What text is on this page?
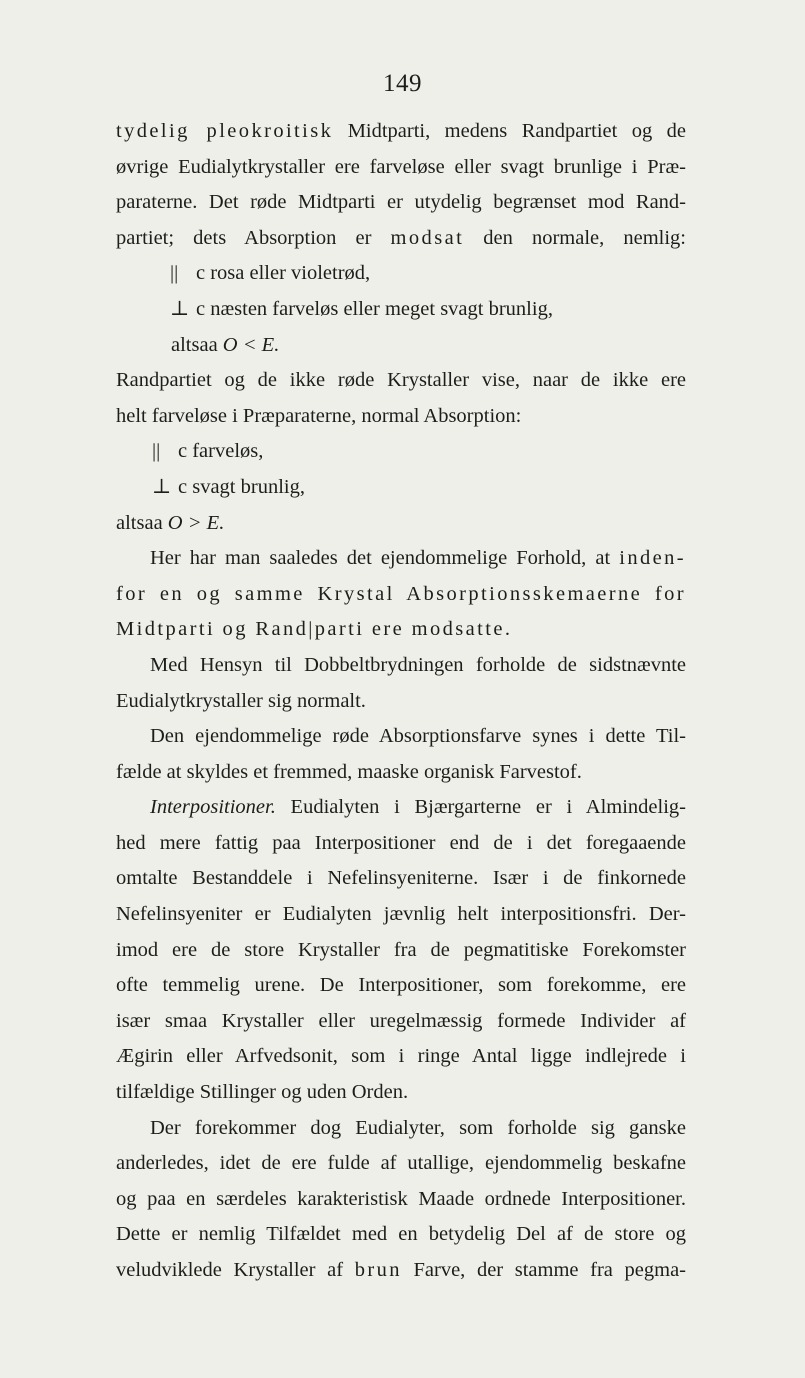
149
tydelig pleokroitisk Midtparti, medens Randpartiet og de
øvrige Eudialytkrystaller ere farveløse eller svagt brunlige i Præ-
paraterne. Det røde Midtparti er utydelig begrænset mod Rand-
partiet; dets Absorption er modsat den normale, nemlig:
|| c rosa eller violetrød,
⊥ c næsten farveløs eller meget svagt brunlig,
altsaa O < E.
Randpartiet og de ikke røde Krystaller vise, naar de ikke ere
helt farveløse i Præparaterne, normal Absorption:
|| c farveløs,
⊥ c svagt brunlig,
altsaa O > E.
Her har man saaledes det ejendommelige Forhold, at inden-
for en og samme Krystal Absorptionsskemaerne for
Midtparti og Rand|parti ere modsatte.
Med Hensyn til Dobbeltbrydningen forholde de sidstnævnte
Eudialytkrystaller sig normalt.
Den ejendommelige røde Absorptionsfarve synes i dette Til-
fælde at skyldes et fremmed, maaske organisk Farvestof.
Interpositioner. Eudialyten i Bjærgarterne er i Almindelig-
hed mere fattig paa Interpositioner end de i det foregaaende
omtalte Bestanddele i Nefelinsyeniterne. Især i de finkornede
Nefelinsyeniter er Eudialyten jævnlig helt interpositionsfri. Der-
imod ere de store Krystaller fra de pegmatitiske Forekomster
ofte temmelig urene. De Interpositioner, som forekomme, ere
især smaa Krystaller eller uregelmæssig formede Individer af
Ægirin eller Arfvedsonit, som i ringe Antal ligge indlejrede i
tilfældige Stillinger og uden Orden.
Der forekommer dog Eudialyter, som forholde sig ganske
anderledes, idet de ere fulde af utallige, ejendommelig beskafne
og paa en særdeles karakteristisk Maade ordnede Interpositioner.
Dette er nemlig Tilfældet med en betydelig Del af de store og
veludviklede Krystaller af brun Farve, der stamme fra pegma-
